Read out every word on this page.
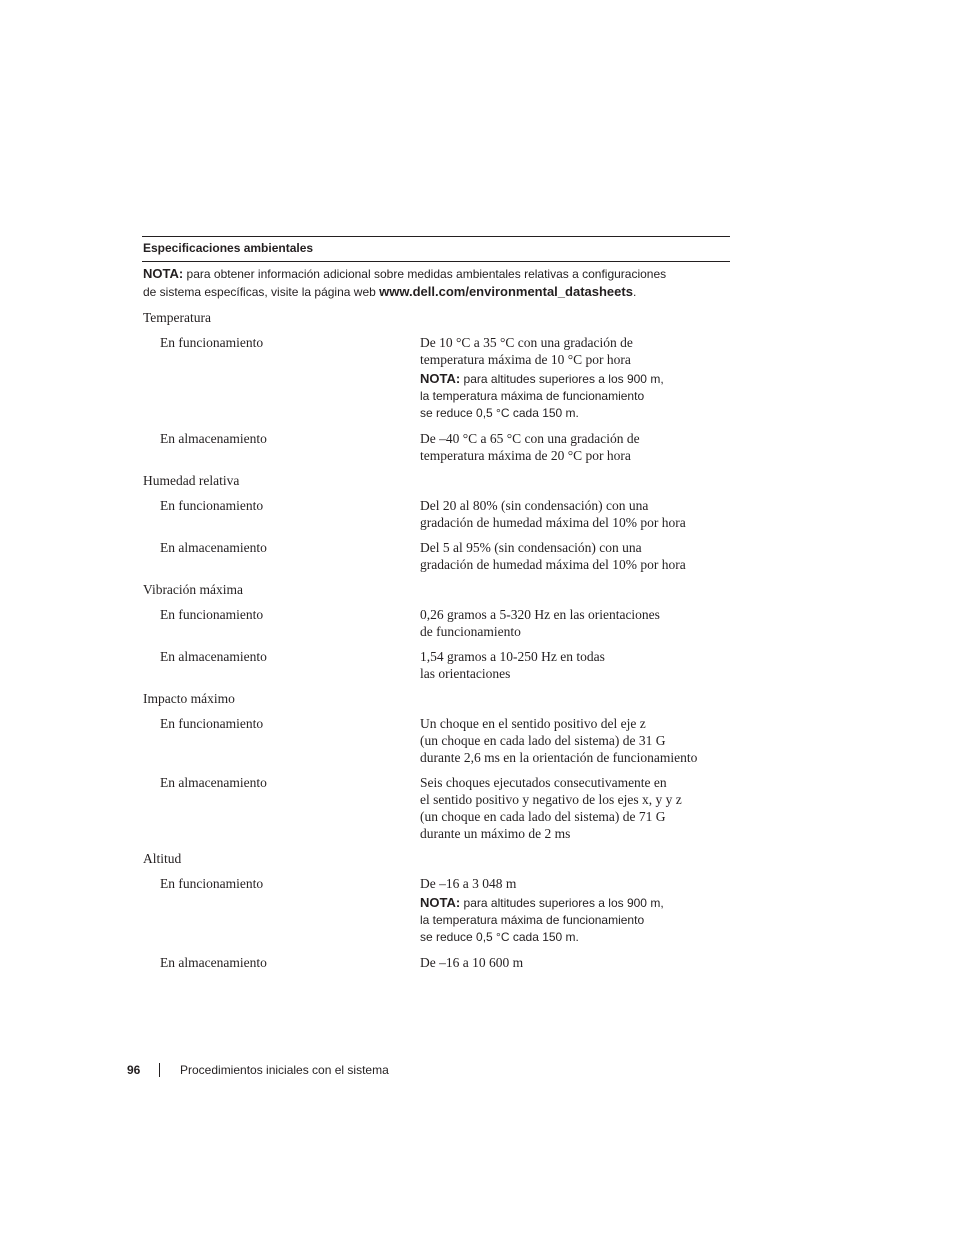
Especificaciones ambientales
NOTA: para obtener información adicional sobre medidas ambientales relativas a configuraciones
de sistema específicas, visite la página web www.dell.com/environmental_datasheets.
Temperatura
En funcionamiento	De 10 °C a 35 °C con una gradación de
temperatura máxima de 10 °C por hora
NOTA: para altitudes superiores a los 900 m,
la temperatura máxima de funcionamiento
se reduce 0,5 °C cada 150 m.
En almacenamiento	De –40 °C a 65 °C con una gradación de
temperatura máxima de 20 °C por hora
Humedad relativa
En funcionamiento	Del 20 al 80% (sin condensación) con una
gradación de humedad máxima del 10% por hora
En almacenamiento	Del 5 al 95% (sin condensación) con una
gradación de humedad máxima del 10% por hora
Vibración máxima
En funcionamiento	0,26 gramos a 5-320 Hz en las orientaciones
de funcionamiento
En almacenamiento	1,54 gramos a 10-250 Hz en todas
las orientaciones
Impacto máximo
En funcionamiento	Un choque en el sentido positivo del eje z
(un choque en cada lado del sistema) de 31 G
durante 2,6 ms en la orientación de funcionamiento
En almacenamiento	Seis choques ejecutados consecutivamente en
el sentido positivo y negativo de los ejes x, y y z
(un choque en cada lado del sistema) de 71 G
durante un máximo de 2 ms
Altitud
En funcionamiento	De –16 a 3 048 m
NOTA: para altitudes superiores a los 900 m,
la temperatura máxima de funcionamiento
se reduce 0,5 °C cada 150 m.
En almacenamiento	De –16 a 10 600 m
96	Procedimientos iniciales con el sistema
